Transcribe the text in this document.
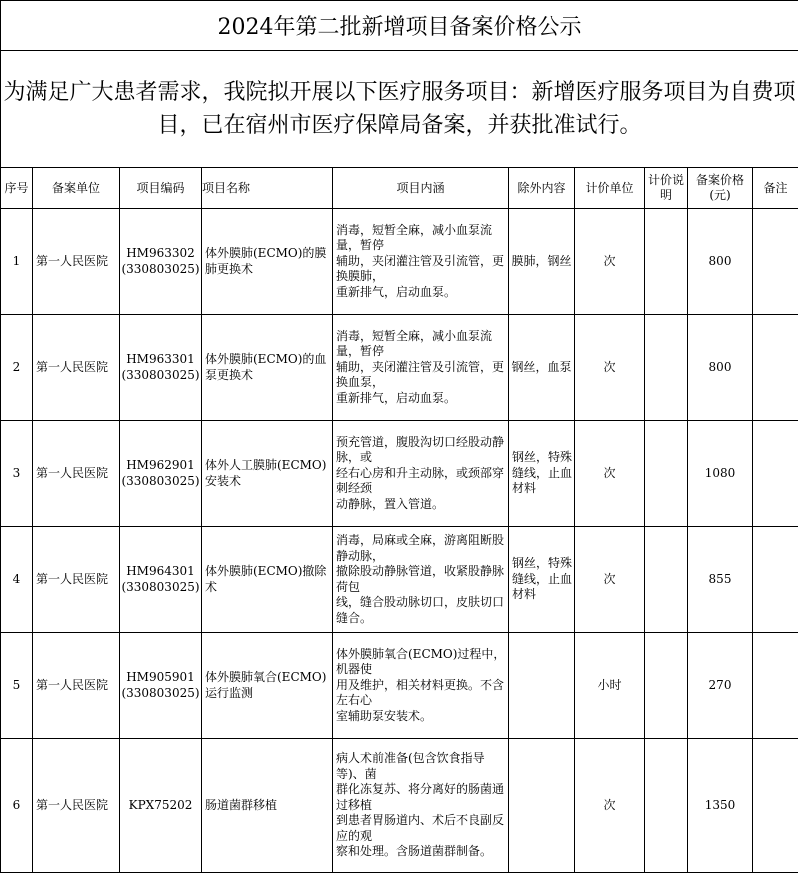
2024年第二批新增项目备案价格公示									
为满足广大患者需求，我院拟开展以下医疗服务项目：新增医疗服务项目为自费项目，已在宿州市医疗保障局备案，并获批准试行。									
序号	备案单位	项目编码	项目名称	项目内涵	除外内容	计价单位	计价说明	备案价格(元)	备注
1	第一人民医院	HM963302 (330803025)	体外膜肺(ECMO)的膜肺更换术	消毒，短暂全麻，减小血泵流量，暂停
辅助，夹闭灌注管及引流管，更换膜肺，
重新排气，启动血泵。	膜肺，钢丝	次		800	
2	第一人民医院	HM963301 (330803025)	体外膜肺(ECMO)的血泵更换术	消毒，短暂全麻，减小血泵流量，暂停
辅助，夹闭灌注管及引流管，更换血泵，
重新排气，启动血泵。	钢丝，血泵	次		800	
3	第一人民医院	HM962901 (330803025)	体外人工膜肺(ECMO)安装术	预充管道，腹股沟切口经股动静脉，或
经右心房和升主动脉，或颈部穿刺经颈
动静脉，置入管道。	钢丝，特殊缝线，止血材料	次		1080	
4	第一人民医院	HM964301 (330803025)	体外膜肺(ECMO)撤除术	消毒，局麻或全麻，游离阻断股静动脉，
撤除股动静脉管道，收紧股静脉荷包
线，缝合股动脉切口，皮肤切口缝合。	钢丝，特殊缝线，止血材料	次		855	
5	第一人民医院	HM905901 (330803025)	体外膜肺氧合(ECMO)运行监测	体外膜肺氧合(ECMO)过程中，机器使
用及维护，相关材料更换。不含左右心
室辅助泵安装术。		小时		270	
6	第一人民医院	KPX75202	肠道菌群移植	病人术前准备(包含饮食指导等)、菌
群化冻复苏、将分离好的肠菌通过移植
到患者胃肠道内、术后不良副反应的观
察和处理。含肠道菌群制备。		次		1350	
